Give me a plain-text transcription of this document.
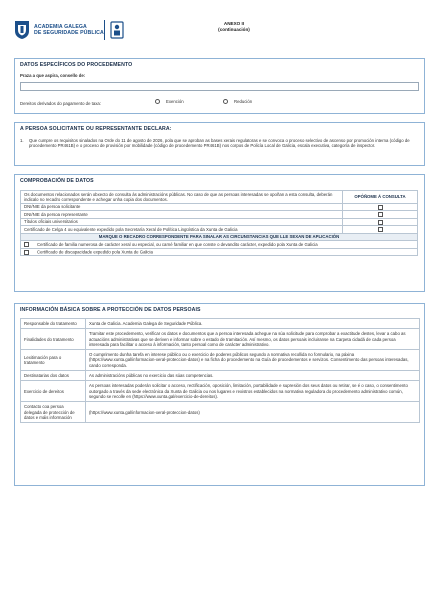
ACADEMIA GALEGA
DE SEGURIDADE PÚBLICA
ANEXO II
(continuación)
DATOS ESPECÍFICOS DO PROCEDEMENTO
Praza a que aspira, consello de:
Dereitos derivados do pagamento de taxa:	Exención	Redución
A PERSOA SOLICITANTE OU REPRESENTANTE DECLARA:
1. Que cumpre os requisitos sinalados na Orde do 11 de agosto de 2026, pola que se aproban as bases xerais regulatoras e se convoca o proceso selectivo de ascenso por promoción interna (código de procedemento PR461B) e o proceso de provisión por mobilidade (código de procedemento PR461B) nos corpos de Policía Local de Galicia, escala executiva, categoría de inspector.
COMPROBACIÓN DE DATOS
Os documentos relacionados serán obxecto de consulta ás administracións públicas. No caso de que as persoas interesadas se opoñan a esta consulta, deberán indicalo no recadro correspondente e achegar unha copia dos documentos.	OPÓÑOME Á CONSULTA
DNI/NIE da persoa solicitante	
DNI/NIE da persoa representante	
Títulos oficiais universitarios	
Certificado de Celga 4 ou equivalente expedido pola Secretaría Xeral de Política Lingüística da Xunta de Galicia	
MARQUE O RECADRO CORRESPONDENTE PARA SINALAR AS CIRCUNSTANCIAS QUE LLE SEXAN DE APLICACIÓN	
Certificado de familia numerosa de carácter xeral ou especial, ou carné familiar en que conste o devandito carácter, expedido pola Xunta de Galicia	
Certificado de discapacidade expedido pola Xunta de Galicia	
INFORMACIÓN BÁSICA SOBRE A PROTECCIÓN DE DATOS PERSOAIS
Responsable do tratamento	Xunta de Galicia. Academia Galega de Seguridade Pública.
Finalidades do tratamento	Tramitar este procedemento, verificar os datos e documentos que a persoa interesada achegue na súa solicitude para comprobar a exactitude destes, levar a cabo as actuacións administrativas que se deriven e informar sobre o estado de tramitación. Así mesmo, os datos persoais incluiranse na Carpeta cidadá de cada persoa interesada para facilitar o acceso á información, tanto persoal como de carácter administrativo.
Lexitimación para o tratamento	O cumprimento dunha tarefa en interese público ou o exercicio de poderes públicos segundo a normativa recollida no formulario, na páxina (https://www.xunta.gal/informacion-xeral-proteccion-datos) e na ficha do procedemento na Guía de procedementos e servizos. Consentimento das persoas interesadas, cando corresponda.
Destinatarias dos datos	As administracións públicas no exercicio das súas competencias.
Exercicio de dereitos	As persoas interesadas poderán solicitar o acceso, rectificación, oposición, limitación, portabilidade e supresión dos seus datos ou retirar, se é o caso, o consentimento outorgado a través da sede electrónica da Xunta de Galicia ou nos lugares e rexistros establecidos na normativa reguladora do procedemento administrativo común, segundo se recolle en (https://www.xunta.gal/exercicio-de-dereitos).
Contacto coa persoa delegada de protección de datos e máis información	(https://www.xunta.gal/informacion-xeral-proteccion-datos)
